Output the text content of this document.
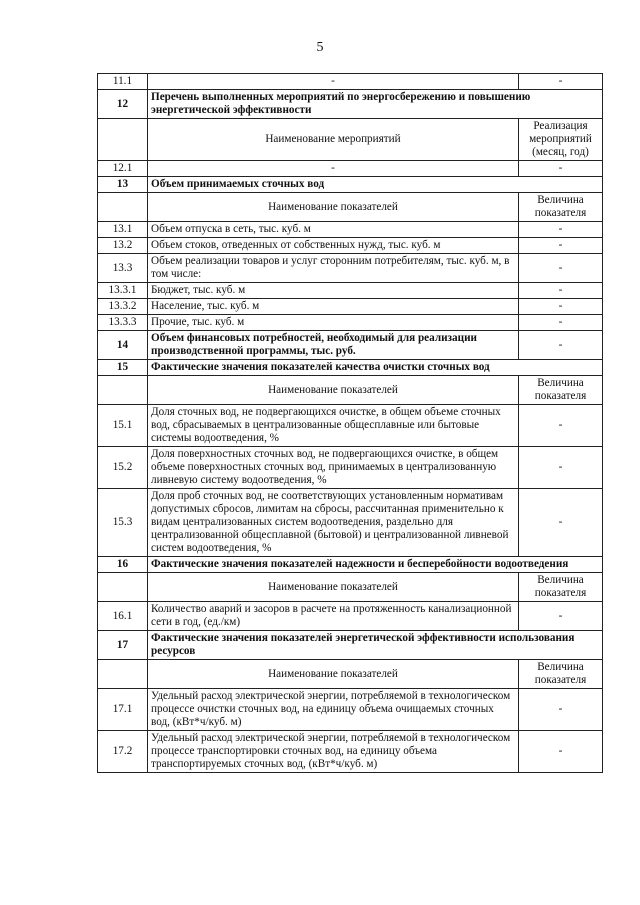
5
11.1	-	-
12	Перечень выполненных мероприятий по энергосбережению и повышению энергетической эффективности	
	Наименование мероприятий	Реализация мероприятий (месяц, год)
12.1	-	-
13	Объем принимаемых сточных вод	
	Наименование показателей	Величина показателя
13.1	Объем отпуска в сеть, тыс. куб. м	-
13.2	Объем стоков, отведенных от собственных нужд, тыс. куб. м	-
13.3	Объем реализации товаров и услуг сторонним потребителям, тыс. куб. м, в том числе:	-
13.3.1	Бюджет, тыс. куб. м	-
13.3.2	Население, тыс. куб. м	-
13.3.3	Прочие, тыс. куб. м	-
14	Объем финансовых потребностей, необходимый для реализации производственной программы, тыс. руб.	-
15	Фактические значения показателей качества очистки сточных вод	
	Наименование показателей	Величина показателя
15.1	Доля сточных вод, не подвергающихся очистке, в общем объеме сточных вод, сбрасываемых в централизованные общесплавные или бытовые системы водоотведения, %	-
15.2	Доля поверхностных сточных вод, не подвергающихся очистке, в общем объеме поверхностных сточных вод, принимаемых в централизованную ливневую систему водоотведения, %	-
15.3	Доля проб сточных вод, не соответствующих установленным нормативам допустимых сбросов, лимитам на сбросы, рассчитанная применительно к видам централизованных систем водоотведения, раздельно для централизованной общесплавной (бытовой) и централизованной ливневой систем водоотведения, %	-
16	Фактические значения показателей надежности и бесперебойности водоотведения	
	Наименование показателей	Величина показателя
16.1	Количество аварий и засоров в расчете на протяженность канализационной сети в год, (ед./км)	-
17	Фактические значения показателей энергетической эффективности использования ресурсов	
	Наименование показателей	Величина показателя
17.1	Удельный расход электрической энергии, потребляемой в технологическом процессе очистки сточных вод, на единицу объема очищаемых сточных вод, (кВт*ч/куб. м)	-
17.2	Удельный расход электрической энергии, потребляемой в технологическом процессе транспортировки сточных вод, на единицу объема транспортируемых сточных вод, (кВт*ч/куб. м)	-
